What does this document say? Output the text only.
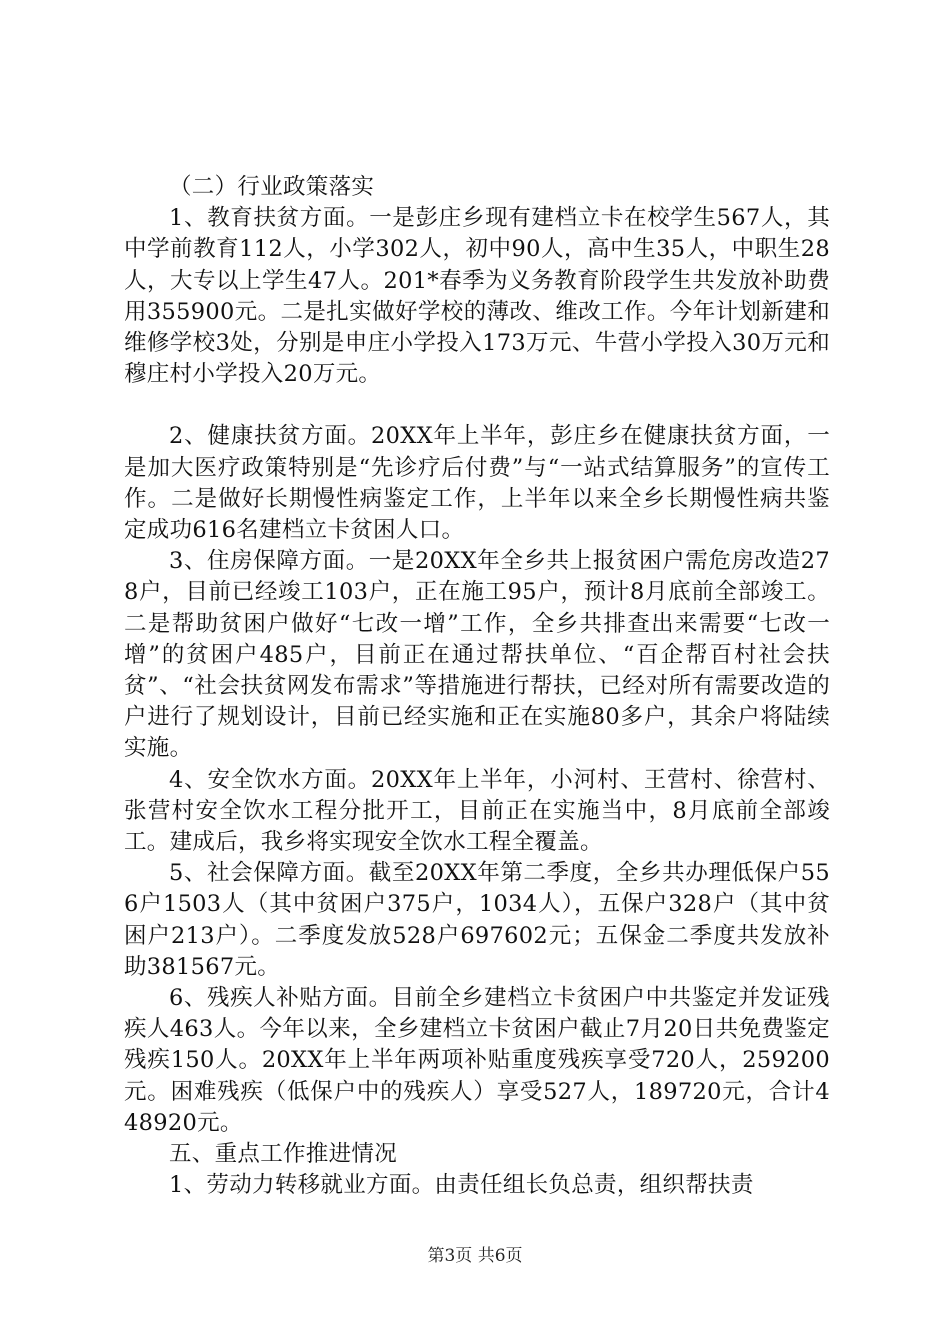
（二）行业政策落实

1、教育扶贫方面。一是彭庄乡现有建档立卡在校学生567人，其中学前教育112人，小学302人，初中90人，高中生35人，中职生28人，大专以上学生47人。201*春季为义务教育阶段学生共发放补助费用355900元。二是扎实做好学校的薄改、维改工作。今年计划新建和维修学校3处，分别是申庄小学投入173万元、牛营小学投入30万元和穆庄村小学投入20万元。

2、健康扶贫方面。20XX年上半年，彭庄乡在健康扶贫方面，一是加大医疗政策特别是“先诊疗后付费”与“一站式结算服务”的宣传工作。二是做好长期慢性病鉴定工作，上半年以来全乡长期慢性病共鉴定成功616名建档立卡贫困人口。

3、住房保障方面。一是20XX年全乡共上报贫困户需危房改造278户，目前已经竣工103户，正在施工95户，预计8月底前全部竣工。二是帮助贫困户做好“七改一增”工作，全乡共排查出来需要“七改一增”的贫困户485户，目前正在通过帮扶单位、“百企帮百村社会扶贫”、“社会扶贫网发布需求”等措施进行帮扶，已经对所有需要改造的户进行了规划设计，目前已经实施和正在实施80多户，其余户将陆续实施。

4、安全饮水方面。20XX年上半年，小河村、王营村、徐营村、张营村安全饮水工程分批开工，目前正在实施当中，8月底前全部竣工。建成后，我乡将实现安全饮水工程全覆盖。

5、社会保障方面。截至20XX年第二季度，全乡共办理低保户556户1503人（其中贫困户375户，1034人），五保户328户（其中贫困户213户）。二季度发放528户697602元；五保金二季度共发放补助381567元。

6、残疾人补贴方面。目前全乡建档立卡贫困户中共鉴定并发证残疾人463人。今年以来，全乡建档立卡贫困户截止7月20日共免费鉴定残疾150人。20XX年上半年两项补贴重度残疾享受720人，259200元。困难残疾（低保户中的残疾人）享受527人，189720元，合计448920元。

五、重点工作推进情况

1、劳动力转移就业方面。由责任组长负总责，组织帮扶责

第3页 共6页
